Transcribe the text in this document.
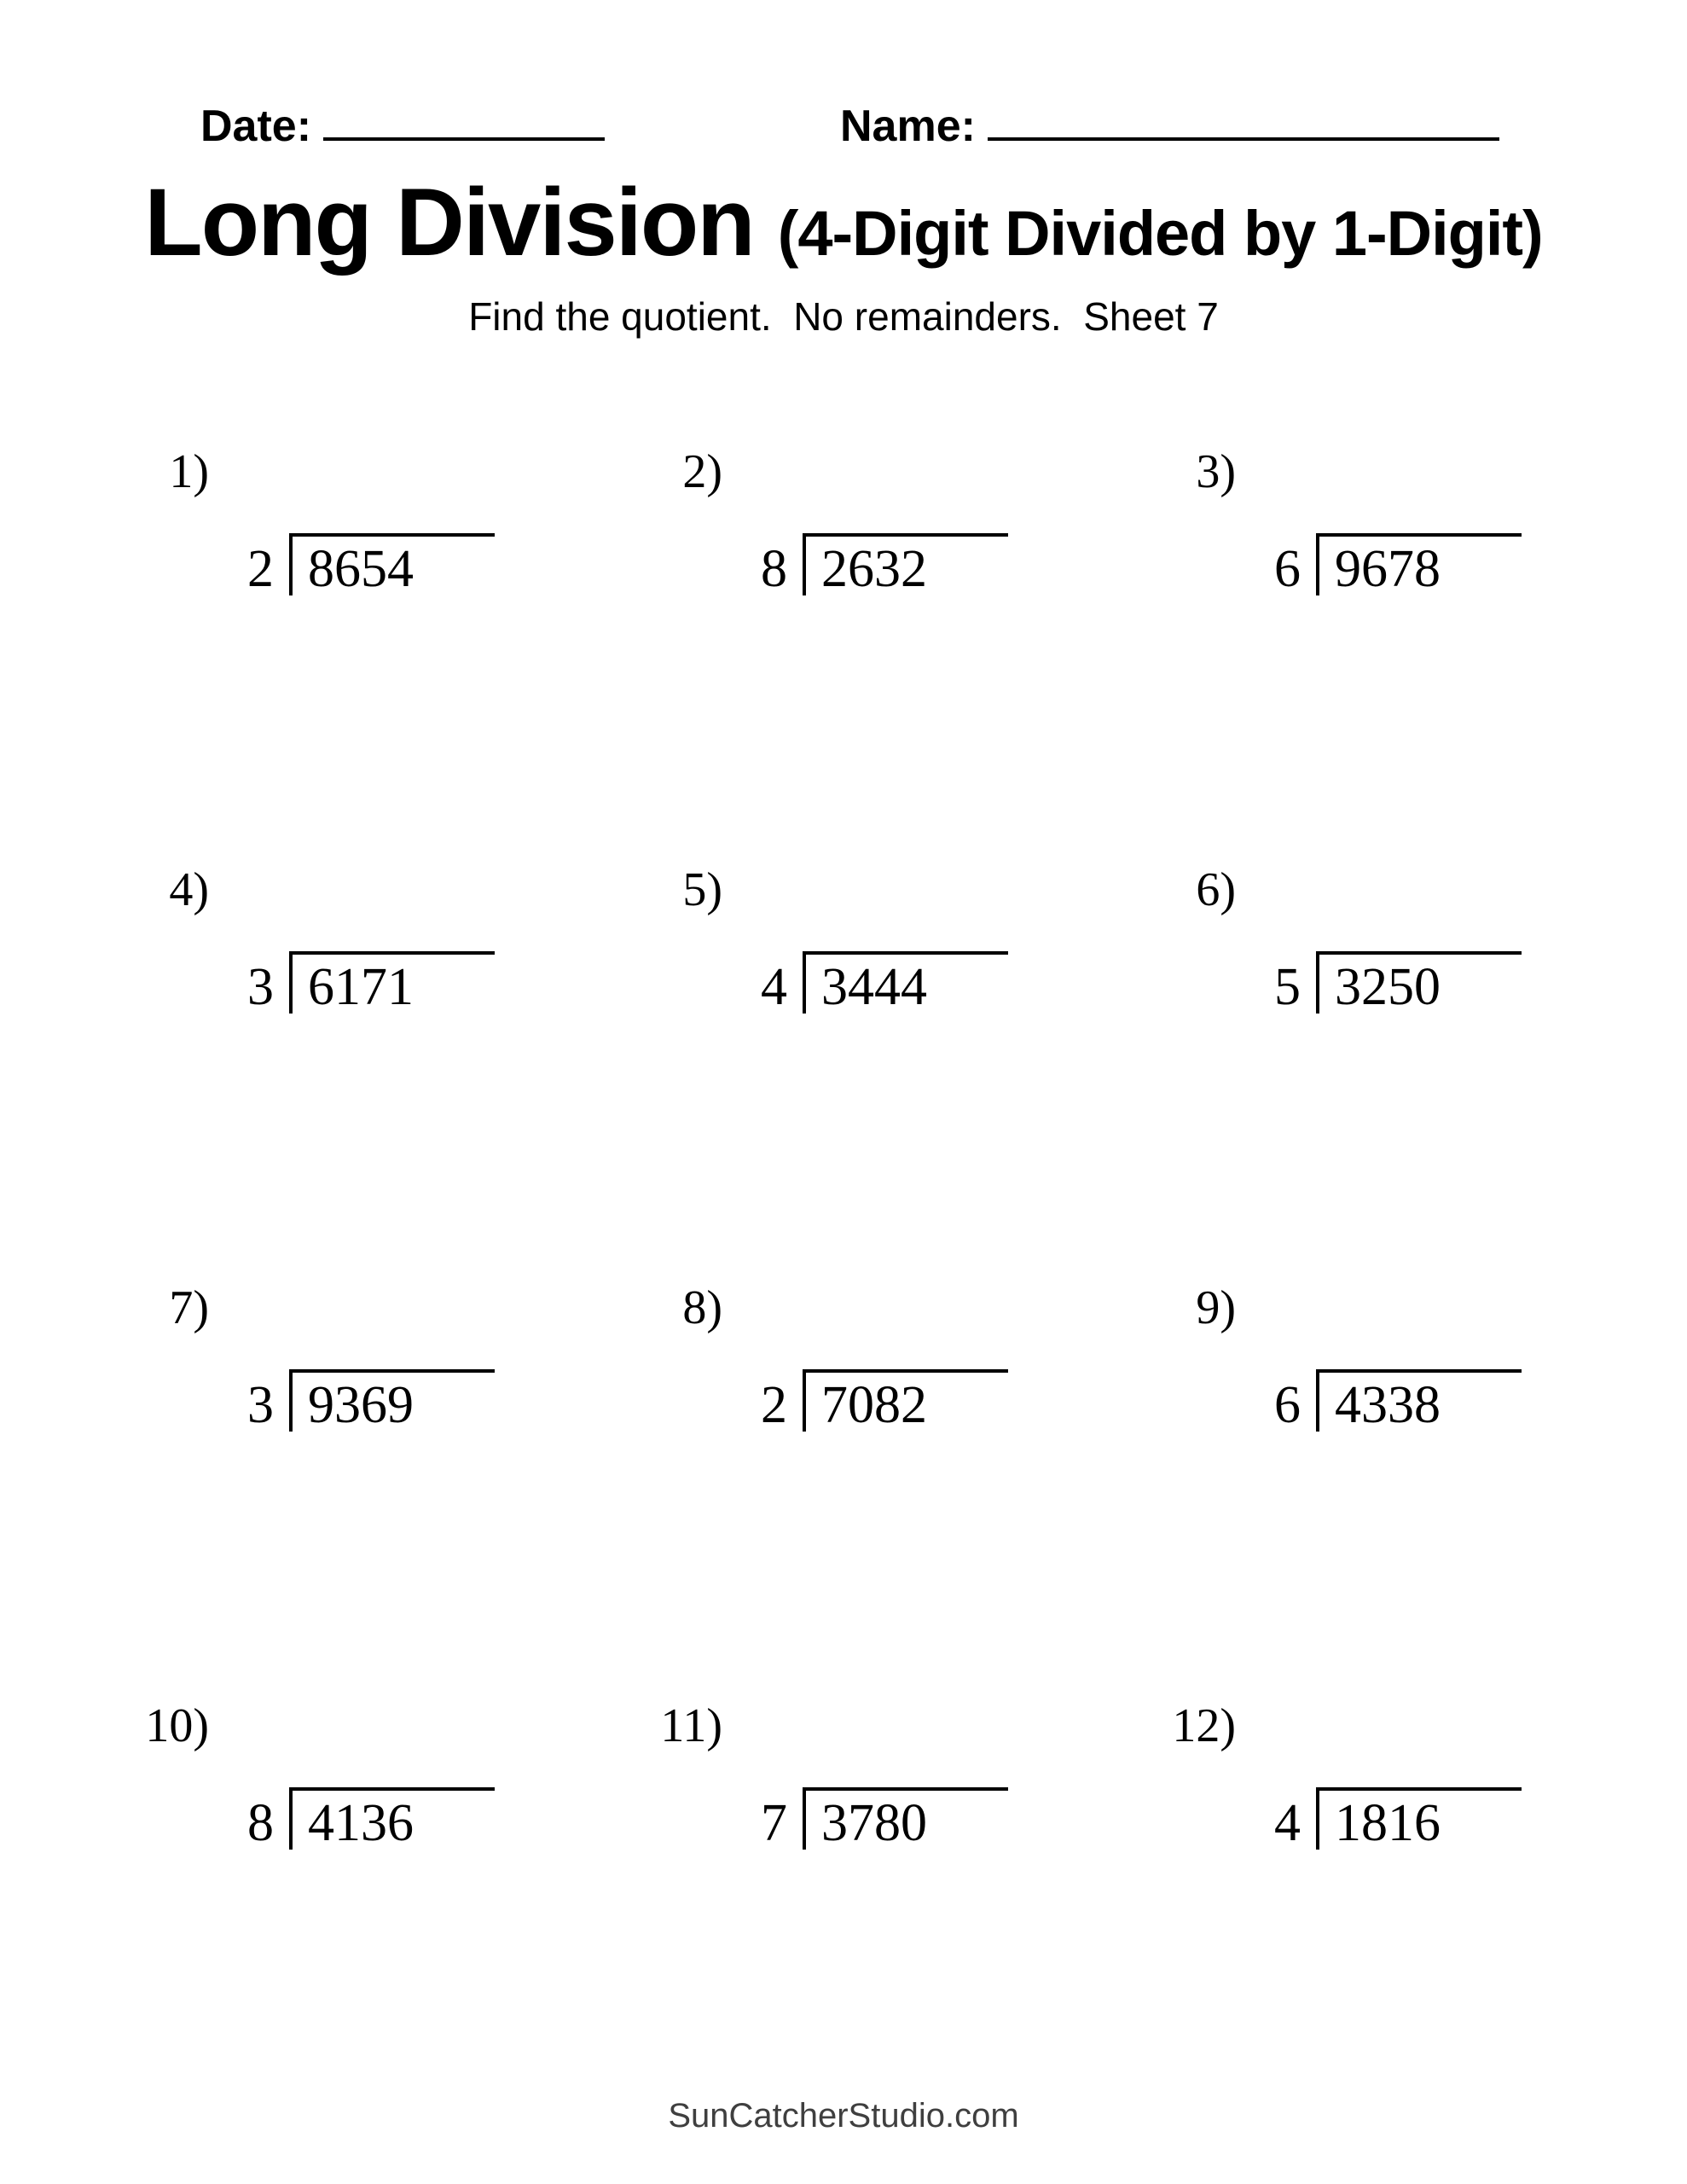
Date:	Name:
Long Division (4-Digit Divided by 1-Digit)
Find the quotient.  No remainders.  Sheet 7
1)
2 8654
2)
8 2632
3)
6 9678
4)
3 6171
5)
4 3444
6)
5 3250
7)
3 9369
8)
2 7082
9)
6 4338
10)
8 4136
11)
7 3780
12)
4 1816
SunCatcherStudio.com
